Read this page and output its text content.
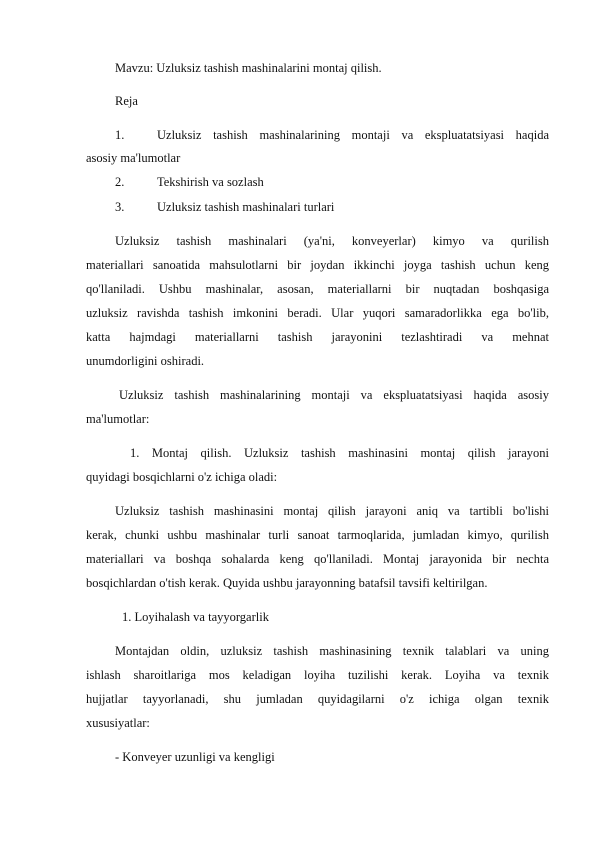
Mavzu: Uzluksiz tashish mashinalarini montaj qilish.

Reja

1.	Uzluksiz tashish mashinalarining montaji va ekspluatatsiyasi haqida

asosiy ma'lumotlar

2.	Tekshirish va sozlash

3.	Uzluksiz tashish mashinalari turlari

Uzluksiz tashish mashinalari (ya'ni, konveyerlar) kimyo va qurilish

materiallari sanoatida mahsulotlarni bir joydan ikkinchi joyga tashish uchun keng

qo'llaniladi. Ushbu mashinalar, asosan, materiallarni bir nuqtadan boshqasiga

uzluksiz ravishda tashish imkonini beradi. Ular yuqori samaradorlikka ega bo'lib,

katta hajmdagi materiallarni tashish jarayonini tezlashtiradi va mehnat

unumdorligini oshiradi.

Uzluksiz tashish mashinalarining montaji va ekspluatatsiyasi haqida asosiy

ma'lumotlar:

1. Montaj qilish. Uzluksiz tashish mashinasini montaj qilish jarayoni

quyidagi bosqichlarni o'z ichiga oladi:

Uzluksiz tashish mashinasini montaj qilish jarayoni aniq va tartibli bo'lishi

kerak, chunki ushbu mashinalar turli sanoat tarmoqlarida, jumladan kimyo, qurilish

materiallari va boshqa sohalarda keng qo'llaniladi. Montaj jarayonida bir nechta

bosqichlardan o'tish kerak. Quyida ushbu jarayonning batafsil tavsifi keltirilgan.

1. Loyihalash va tayyorgarlik

Montajdan oldin, uzluksiz tashish mashinasining texnik talablari va uning

ishlash sharoitlariga mos keladigan loyiha tuzilishi kerak. Loyiha va texnik

hujjatlar tayyorlanadi, shu jumladan quyidagilarni o'z ichiga olgan texnik

xususiyatlar:

- Konveyer uzunligi va kengligi
